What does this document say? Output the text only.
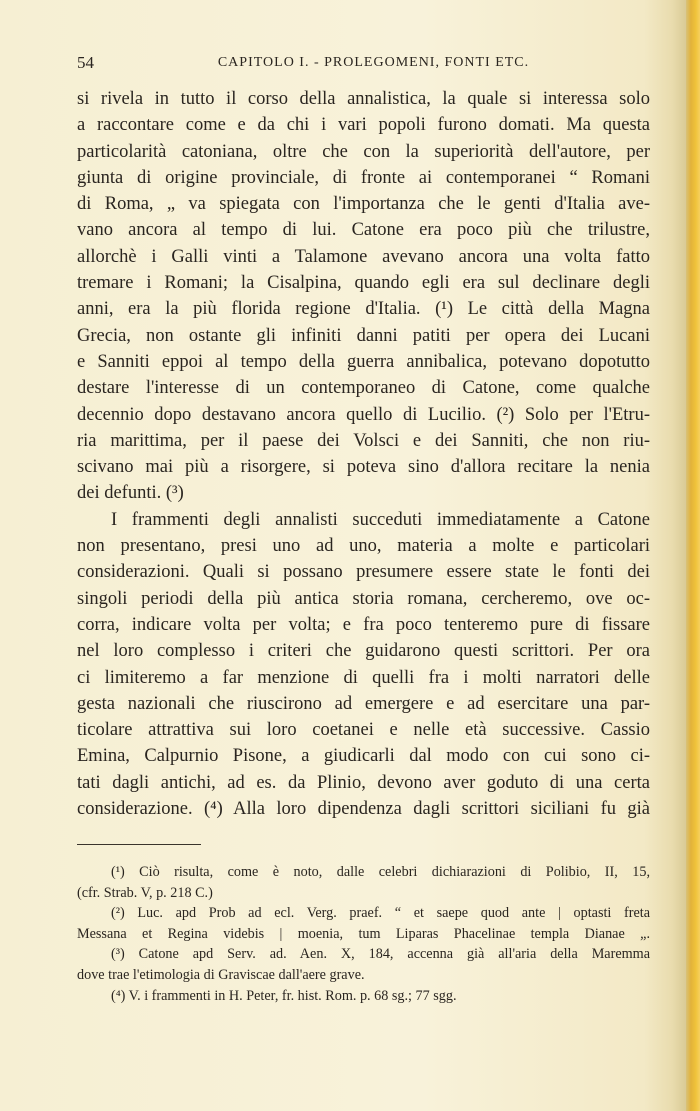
54	CAPITOLO I. - PROLEGOMENI, FONTI ETC.
si rivela in tutto il corso della annalistica, la quale si interessa solo
a raccontare come e da chi i vari popoli furono domati. Ma questa
particolarità catoniana, oltre che con la superiorità dell'autore, per
giunta di origine provinciale, di fronte ai contemporanei “ Romani
di Roma, „ va spiegata con l'importanza che le genti d'Italia ave-
vano ancora al tempo di lui. Catone era poco più che trilustre,
allorchè i Galli vinti a Talamone avevano ancora una volta fatto
tremare i Romani; la Cisalpina, quando egli era sul declinare degli
anni, era la più florida regione d'Italia. (¹) Le città della Magna
Grecia, non ostante gli infiniti danni patiti per opera dei Lucani
e Sanniti eppoi al tempo della guerra annibalica, potevano dopotutto
destare l'interesse di un contemporaneo di Catone, come qualche
decennio dopo destavano ancora quello di Lucilio. (²) Solo per l'Etru-
ria marittima, per il paese dei Volsci e dei Sanniti, che non riu-
scivano mai più a risorgere, si poteva sino d'allora recitare la nenia
dei defunti. (³)
I frammenti degli annalisti succeduti immediatamente a Catone
non presentano, presi uno ad uno, materia a molte e particolari
considerazioni. Quali si possano presumere essere state le fonti dei
singoli periodi della più antica storia romana, cercheremo, ove oc-
corra, indicare volta per volta; e fra poco tenteremo pure di fissare
nel loro complesso i criteri che guidarono questi scrittori. Per ora
ci limiteremo a far menzione di quelli fra i molti narratori delle
gesta nazionali che riuscirono ad emergere e ad esercitare una par-
ticolare attrattiva sui loro coetanei e nelle età successive. Cassio
Emina, Calpurnio Pisone, a giudicarli dal modo con cui sono ci-
tati dagli antichi, ad es. da Plinio, devono aver goduto di una certa
considerazione. (⁴) Alla loro dipendenza dagli scrittori siciliani fu già
(¹) Ciò risulta, come è noto, dalle celebri dichiarazioni di Polibio, II, 15,
(cfr. Strab. V, p. 218 C.)
(²) Luc. apd Prob ad ecl. Verg. praef. “ et saepe quod ante | optasti freta
Messana et Regina videbis | moenia, tum Liparas Phacelinae templa Dianae „.
(³) Catone apd Serv. ad. Aen. X, 184, accenna già all'aria della Maremma
dove trae l'etimologia di Graviscae dall'aere grave.
(⁴) V. i frammenti in H. Peter, fr. hist. Rom. p. 68 sg.; 77 sgg.
